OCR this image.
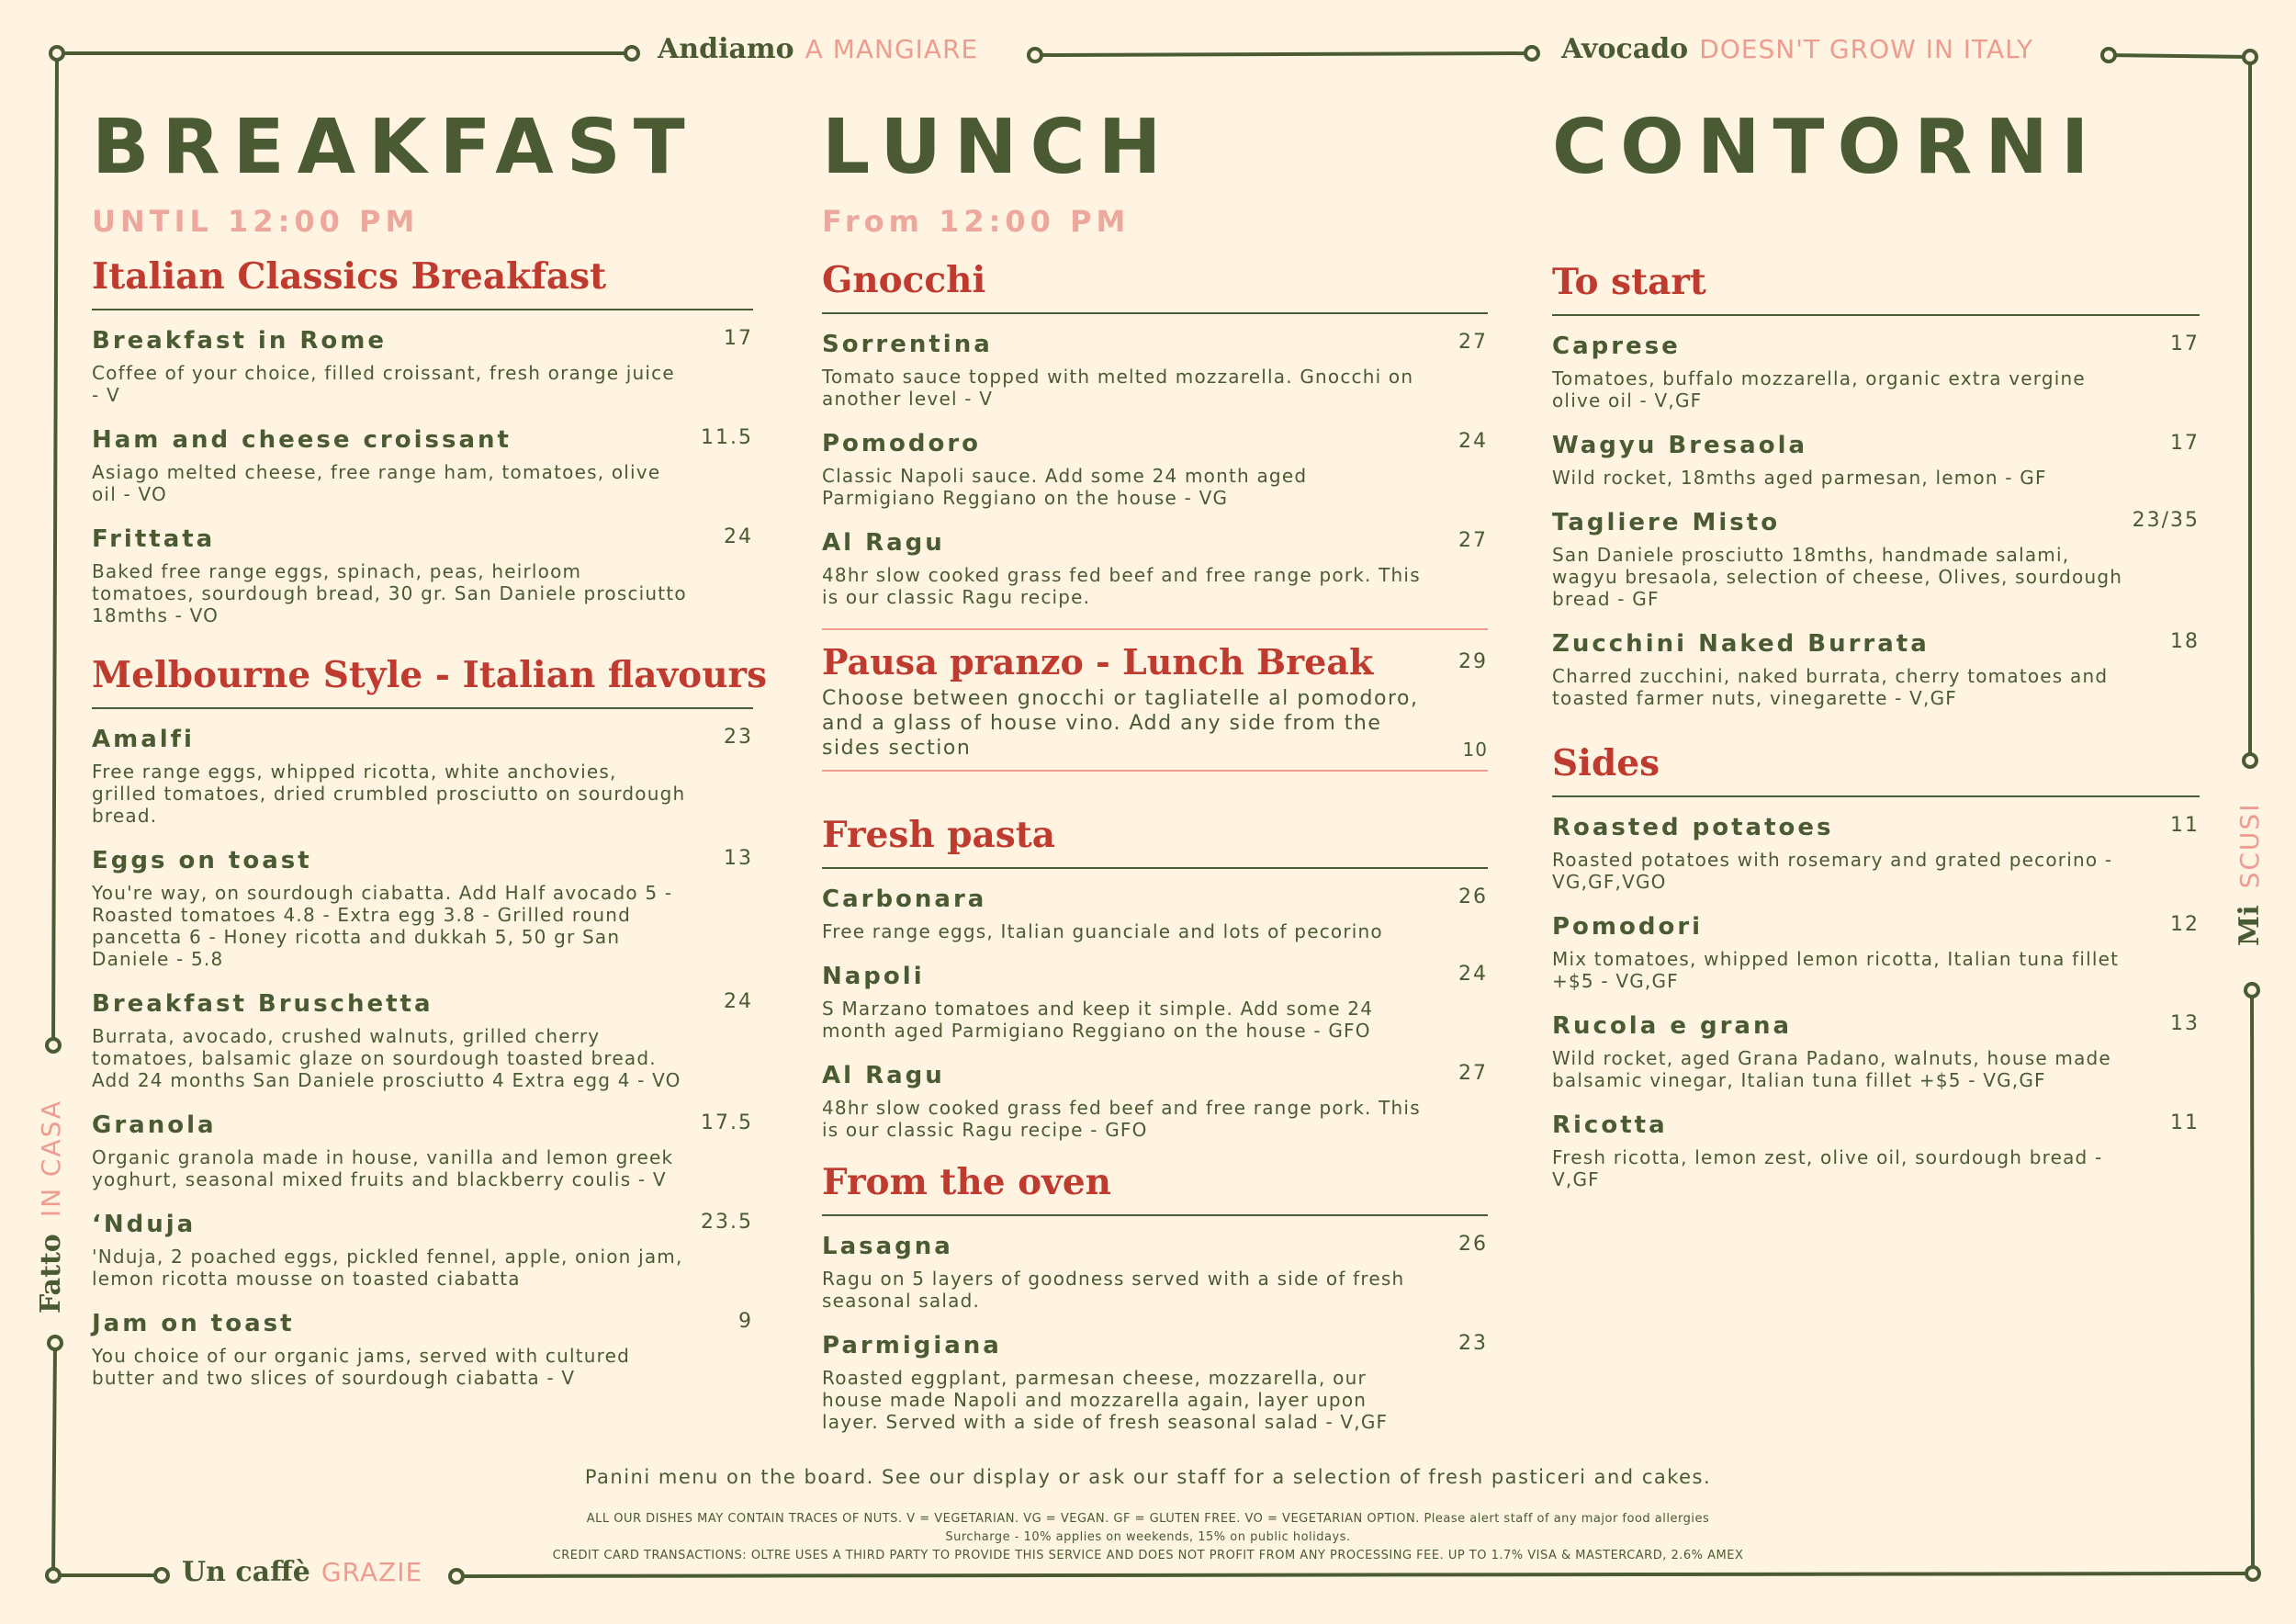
Andiamo A MANGIARE	Avocado DOESN'T GROW IN ITALY
Un caffè GRAZIE
FattoIN CASA
MiSCUSI
BREAKFAST
UNTIL 12:00 PM
Italian Classics Breakfast
Breakfast in Rome	17
Coffee of your choice, filled croissant, fresh orange juice - V
Ham and cheese croissant	11.5
Asiago melted cheese, free range ham, tomatoes, olive oil - VO
Frittata	24
Baked free range eggs, spinach, peas, heirloom tomatoes, sourdough bread, 30 gr. San Daniele prosciutto 18mths - VO
Melbourne Style - Italian flavours
Amalfi	23
Free range eggs, whipped ricotta, white anchovies, grilled tomatoes, dried crumbled prosciutto on sourdough bread.
Eggs on toast	13
You're way, on sourdough ciabatta. Add Half avocado 5 - Roasted tomatoes 4.8 - Extra egg 3.8 - Grilled round pancetta 6 - Honey ricotta and dukkah 5, 50 gr San Daniele - 5.8
Breakfast Bruschetta	24
Burrata, avocado, crushed walnuts, grilled cherry tomatoes, balsamic glaze on sourdough toasted bread. Add 24 months San Daniele prosciutto 4 Extra egg 4 - VO
Granola	17.5
Organic granola made in house, vanilla and lemon greek yoghurt, seasonal mixed fruits and blackberry coulis - V
‘Nduja	23.5
'Nduja, 2 poached eggs, pickled fennel, apple, onion jam, lemon ricotta mousse on toasted ciabatta
Jam on toast	9
You choice of our organic jams, served with cultured butter and two slices of sourdough ciabatta - V
LUNCH
From 12:00 PM
Gnocchi
Sorrentina	27
Tomato sauce topped with melted mozzarella. Gnocchi on another level - V
Pomodoro	24
Classic Napoli sauce. Add some 24 month aged Parmigiano Reggiano on the house - VG
Al Ragu	27
48hr slow cooked grass fed beef and free range pork. This is our classic Ragu recipe.
Pausa pranzo - Lunch Break	29
Choose between gnocchi or tagliatelle al pomodoro, and a glass of house vino. Add any side from the sides section	10
Fresh pasta
Carbonara	26
Free range eggs, Italian guanciale and lots of pecorino
Napoli	24
S Marzano tomatoes and keep it simple. Add some 24 month aged Parmigiano Reggiano on the house - GFO
Al Ragu	27
48hr slow cooked grass fed beef and free range pork. This is our classic Ragu recipe - GFO
From the oven
Lasagna	26
Ragu on 5 layers of goodness served with a side of fresh seasonal salad.
Parmigiana	23
Roasted eggplant, parmesan cheese, mozzarella, our house made Napoli and mozzarella again, layer upon layer. Served with a side of fresh seasonal salad - V,GF
CONTORNI
To start
Caprese	17
Tomatoes, buffalo mozzarella, organic extra vergine olive oil - V,GF
Wagyu Bresaola	17
Wild rocket, 18mths aged parmesan, lemon - GF
Tagliere Misto	23/35
San Daniele prosciutto 18mths, handmade salami, wagyu bresaola, selection of cheese, Olives, sourdough bread - GF
Zucchini Naked Burrata	18
Charred zucchini, naked burrata, cherry tomatoes and toasted farmer nuts, vinegarette - V,GF
Sides
Roasted potatoes	11
Roasted potatoes with rosemary and grated pecorino - VG,GF,VGO
Pomodori	12
Mix tomatoes, whipped lemon ricotta, Italian tuna fillet +$5 - VG,GF
Rucola e grana	13
Wild rocket, aged Grana Padano, walnuts, house made balsamic vinegar, Italian tuna fillet +$5 - VG,GF
Ricotta	11
Fresh ricotta, lemon zest, olive oil, sourdough bread - V,GF
Panini menu on the board. See our display or ask our staff for a selection of fresh pasticeri and cakes.
ALL OUR DISHES MAY CONTAIN TRACES OF NUTS. V = VEGETARIAN. VG = VEGAN. GF = GLUTEN FREE. VO = VEGETARIAN OPTION. Please alert staff of any major food allergies
Surcharge - 10% applies on weekends, 15% on public holidays.
CREDIT CARD TRANSACTIONS: OLTRE USES A THIRD PARTY TO PROVIDE THIS SERVICE AND DOES NOT PROFIT FROM ANY PROCESSING FEE. UP TO 1.7% VISA & MASTERCARD, 2.6% AMEX
